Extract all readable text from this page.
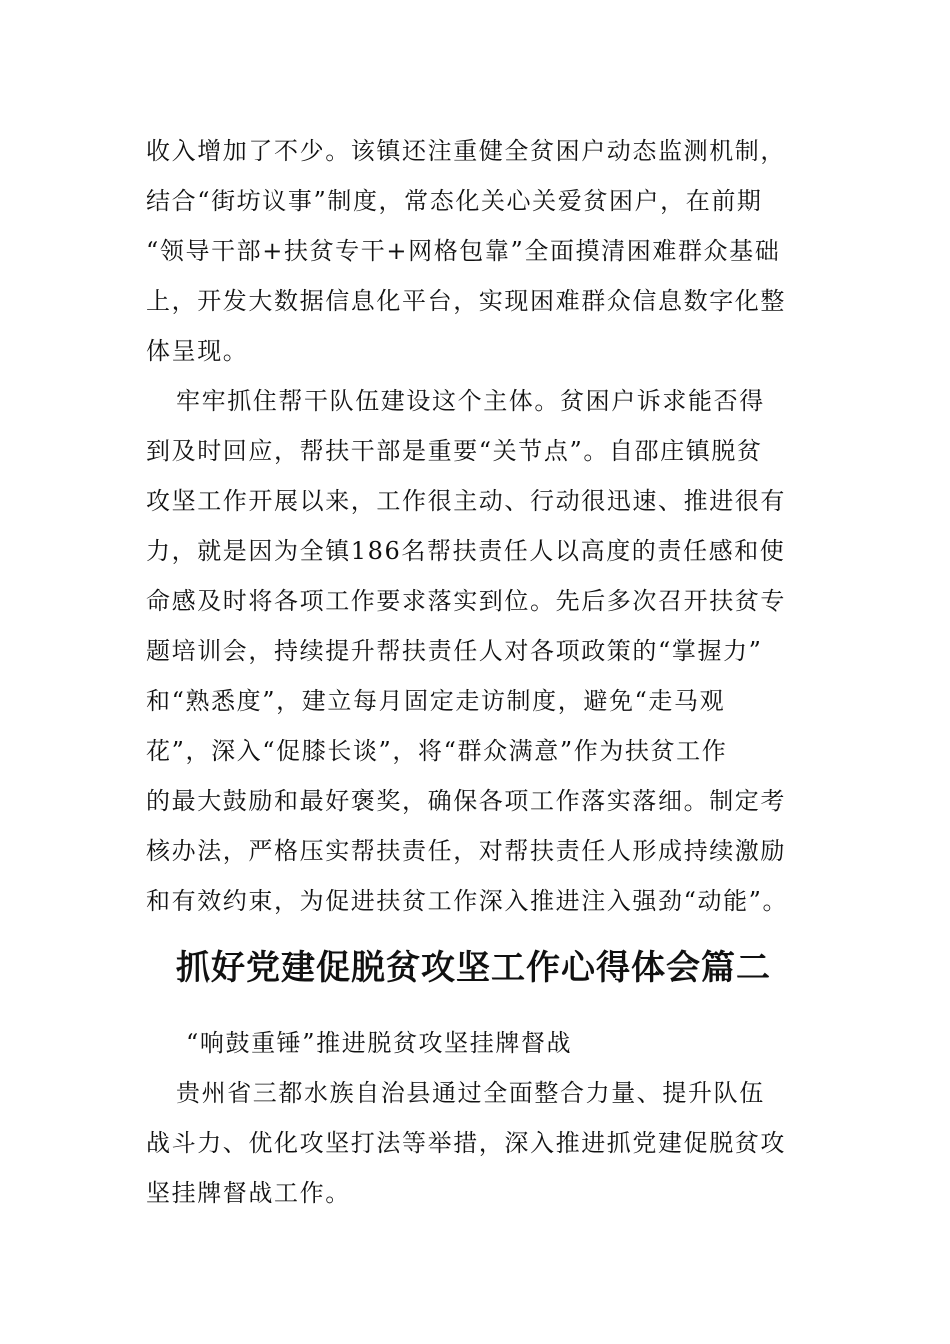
收入增加了不少。该镇还注重健全贫困户动态监测机制，
结合“街坊议事”制度，常态化关心关爱贫困户，在前期
“领导干部+扶贫专干+网格包靠”全面摸清困难群众基础
上，开发大数据信息化平台，实现困难群众信息数字化整
体呈现。
牢牢抓住帮干队伍建设这个主体。贫困户诉求能否得
到及时回应，帮扶干部是重要“关节点”。自邵庄镇脱贫
攻坚工作开展以来，工作很主动、行动很迅速、推进很有
力，就是因为全镇186名帮扶责任人以高度的责任感和使
命感及时将各项工作要求落实到位。先后多次召开扶贫专
题培训会，持续提升帮扶责任人对各项政策的“掌握力”
和“熟悉度”，建立每月固定走访制度，避免“走马观
花”，深入“促膝长谈”，将“群众满意”作为扶贫工作
的最大鼓励和最好褒奖，确保各项工作落实落细。制定考
核办法，严格压实帮扶责任，对帮扶责任人形成持续激励
和有效约束，为促进扶贫工作深入推进注入强劲“动能”。
抓好党建促脱贫攻坚工作心得体会篇二
“响鼓重锤”推进脱贫攻坚挂牌督战
贵州省三都水族自治县通过全面整合力量、提升队伍
战斗力、优化攻坚打法等举措，深入推进抓党建促脱贫攻
坚挂牌督战工作。
